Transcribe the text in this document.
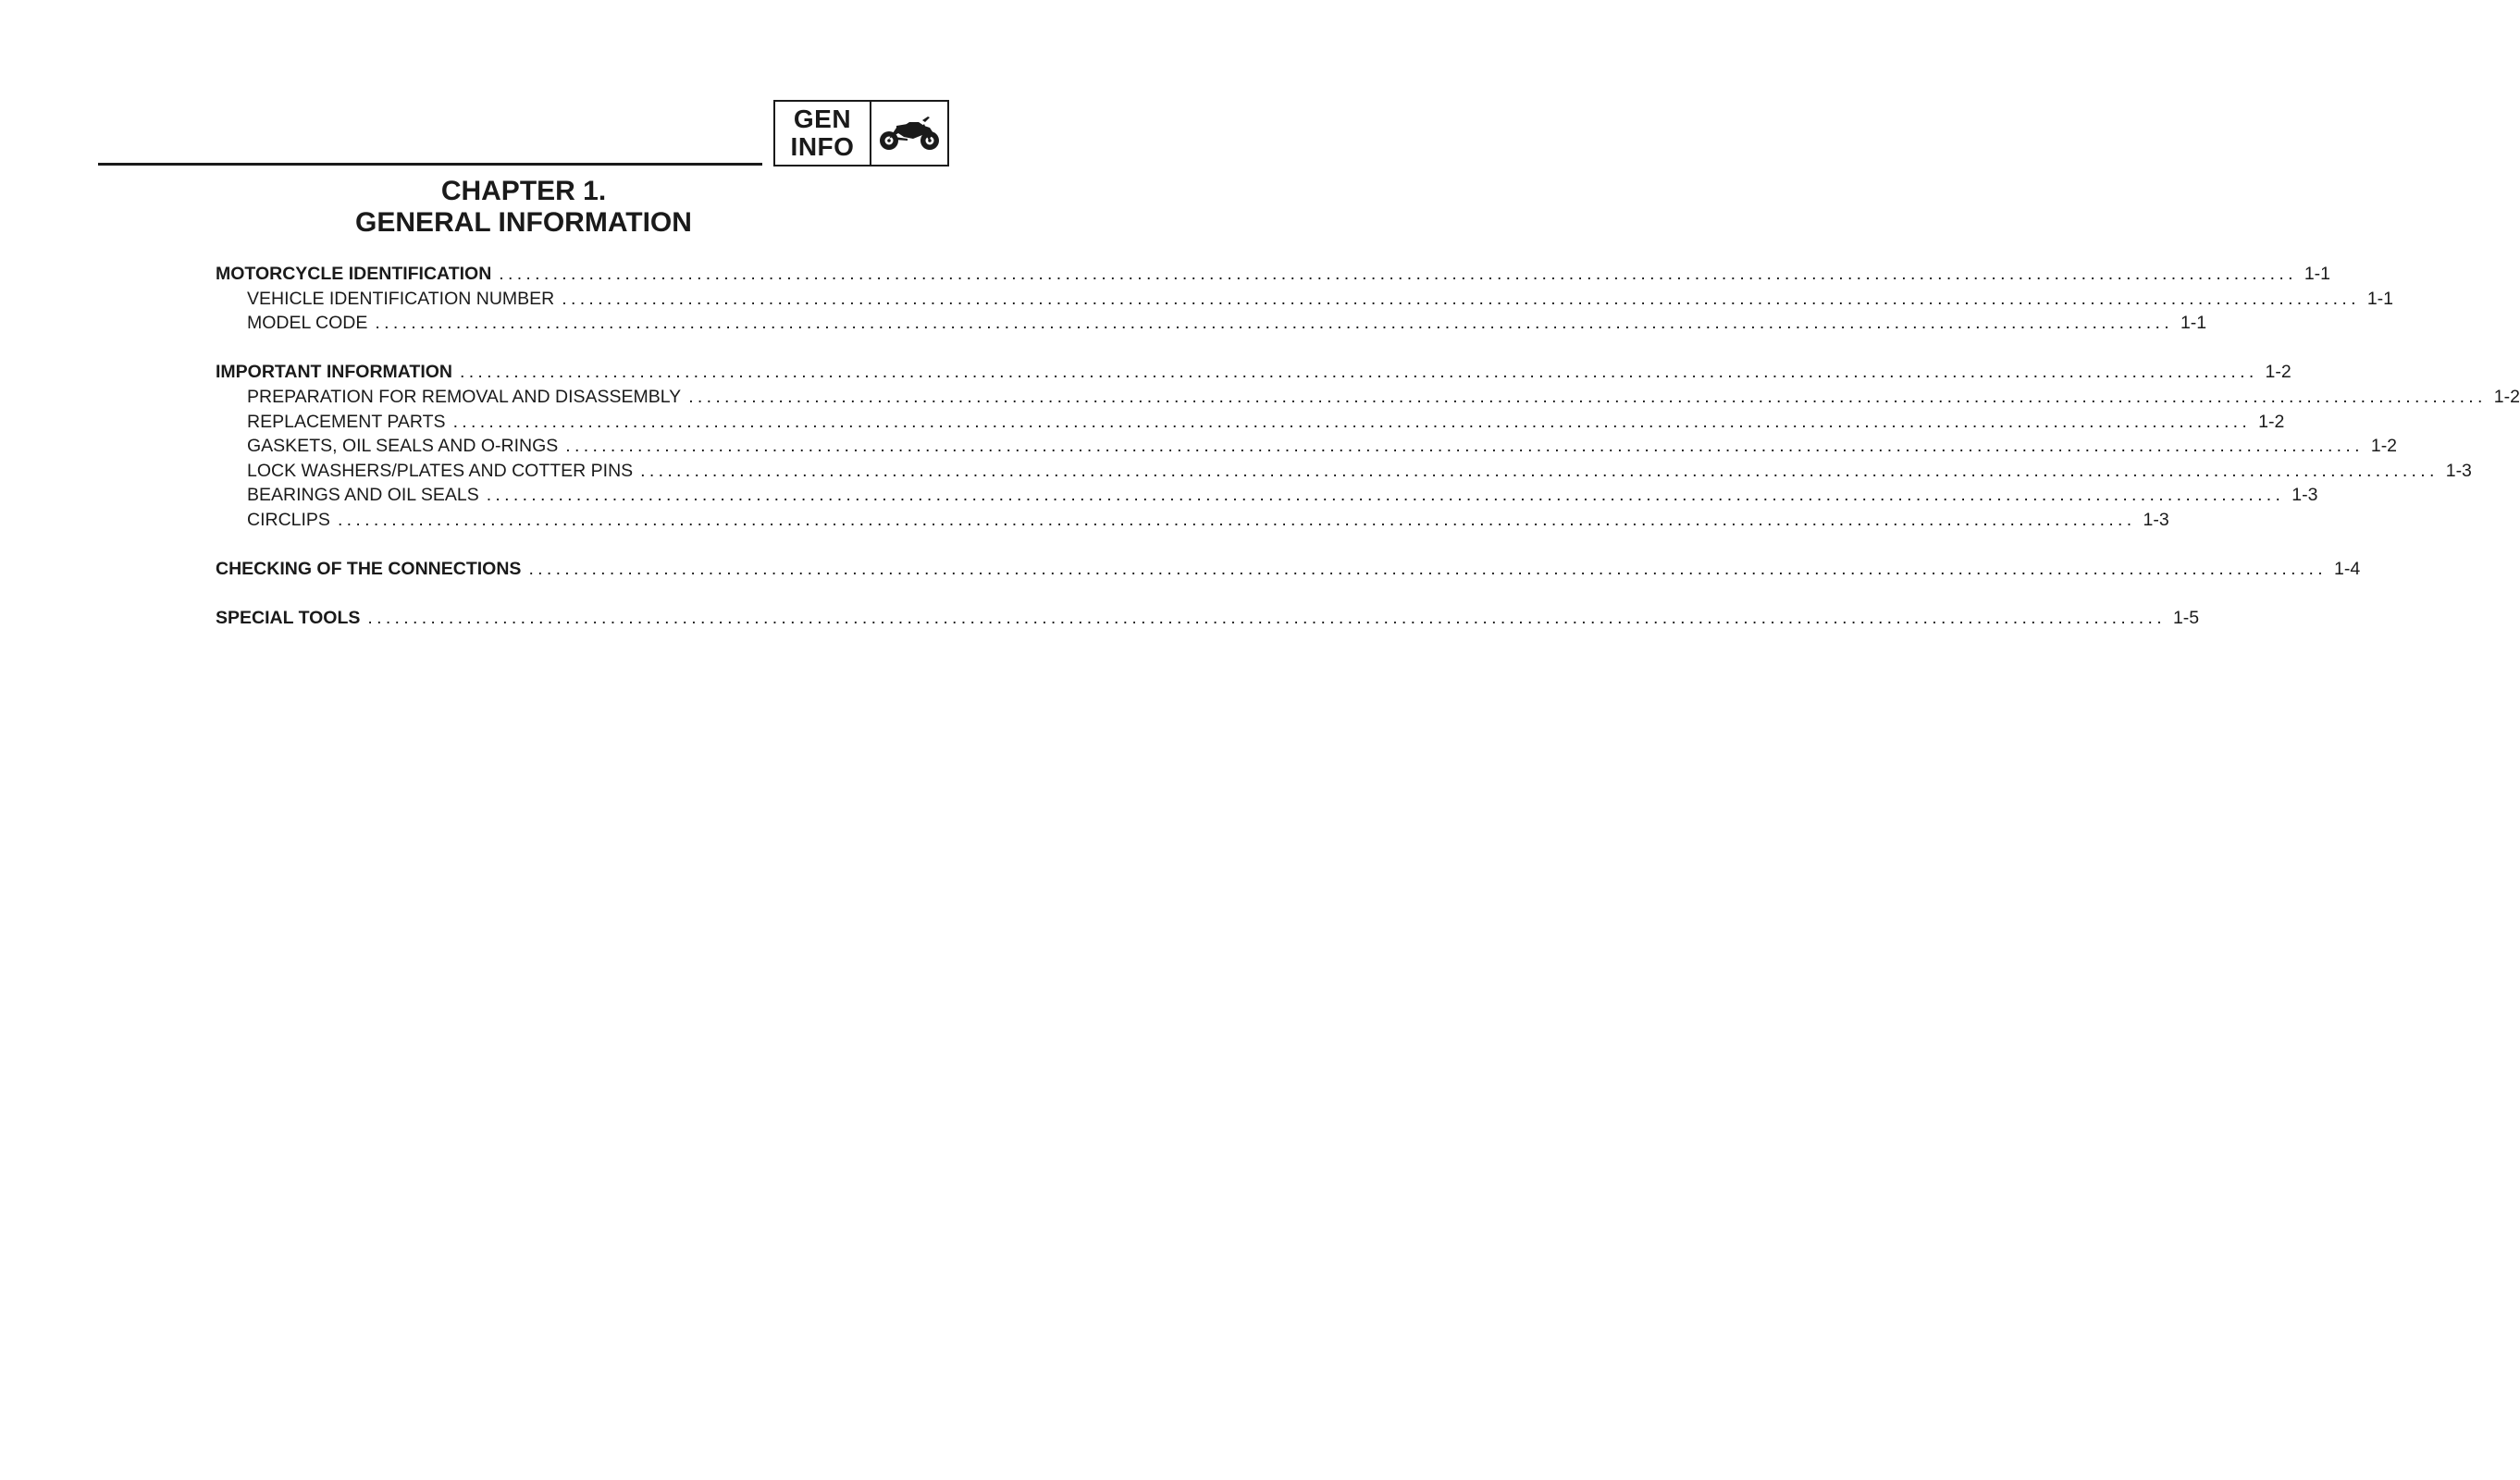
GEN
INFO
CHAPTER 1.
GENERAL INFORMATION
MOTORCYCLE IDENTIFICATION ........................................................................................................................................................................................................ 1-1
VEHICLE IDENTIFICATION NUMBER ........................................................................................................................................................................................................ 1-1
MODEL CODE ........................................................................................................................................................................................................ 1-1
IMPORTANT INFORMATION ........................................................................................................................................................................................................ 1-2
PREPARATION FOR REMOVAL AND DISASSEMBLY ........................................................................................................................................................................................................ 1-2
REPLACEMENT PARTS ........................................................................................................................................................................................................ 1-2
GASKETS, OIL SEALS AND O-RINGS ........................................................................................................................................................................................................ 1-2
LOCK WASHERS/PLATES AND COTTER PINS ........................................................................................................................................................................................................ 1-3
BEARINGS AND OIL SEALS ........................................................................................................................................................................................................ 1-3
CIRCLIPS ........................................................................................................................................................................................................ 1-3
CHECKING OF THE CONNECTIONS ........................................................................................................................................................................................................ 1-4
SPECIAL TOOLS ........................................................................................................................................................................................................ 1-5
